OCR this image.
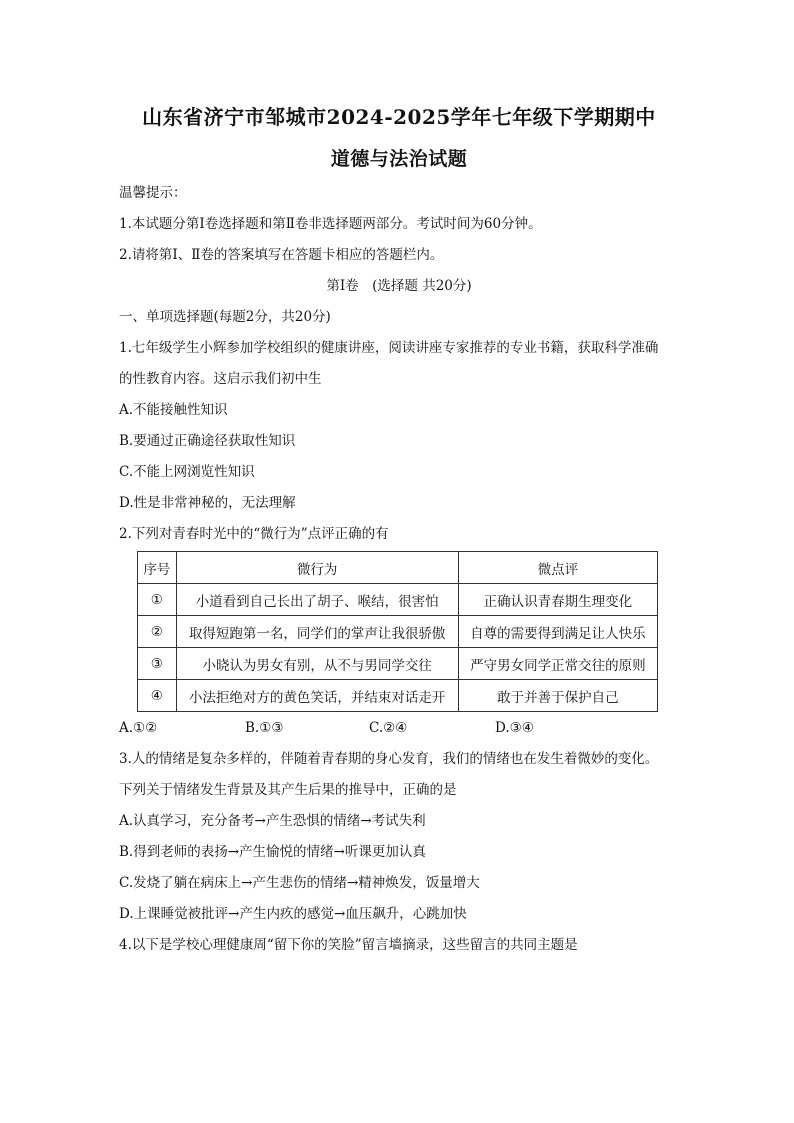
山东省济宁市邹城市2024-2025学年七年级下学期期中
道德与法治试题
温馨提示：
1.本试题分第Ⅰ卷选择题和第Ⅱ卷非选择题两部分。考试时间为60分钟。
2.请将第Ⅰ、Ⅱ卷的答案填写在答题卡相应的答题栏内。
第Ⅰ卷　(选择题 共20分)
一、单项选择题(每题2分，共20分)
1.七年级学生小辉参加学校组织的健康讲座，阅读讲座专家推荐的专业书籍，获取科学准确
的性教育内容。这启示我们初中生
A.不能接触性知识
B.要通过正确途径获取性知识
C.不能上网浏览性知识
D.性是非常神秘的，无法理解
2.下列对青春时光中的“微行为”点评正确的有
序号	微行为	微点评
①	小道看到自己长出了胡子、喉结，很害怕	正确认识青春期生理变化
②	取得短跑第一名，同学们的掌声让我很骄傲	自尊的需要得到满足让人快乐
③	小晓认为男女有别，从不与男同学交往	严守男女同学正常交往的原则
④	小法拒绝对方的黄色笑话，并结束对话走开	敢于并善于保护自己
A.①②	B.①③	C.②④	D.③④
3.人的情绪是复杂多样的，伴随着青春期的身心发育，我们的情绪也在发生着微妙的变化。
下列关于情绪发生背景及其产生后果的推导中，正确的是
A.认真学习，充分备考→产生恐惧的情绪→考试失利
B.得到老师的表扬→产生愉悦的情绪→听课更加认真
C.发烧了躺在病床上→产生悲伤的情绪→精神焕发，饭量增大
D.上课睡觉被批评→产生内疚的感觉→血压飙升，心跳加快
4.以下是学校心理健康周“留下你的笑脸”留言墙摘录，这些留言的共同主题是
